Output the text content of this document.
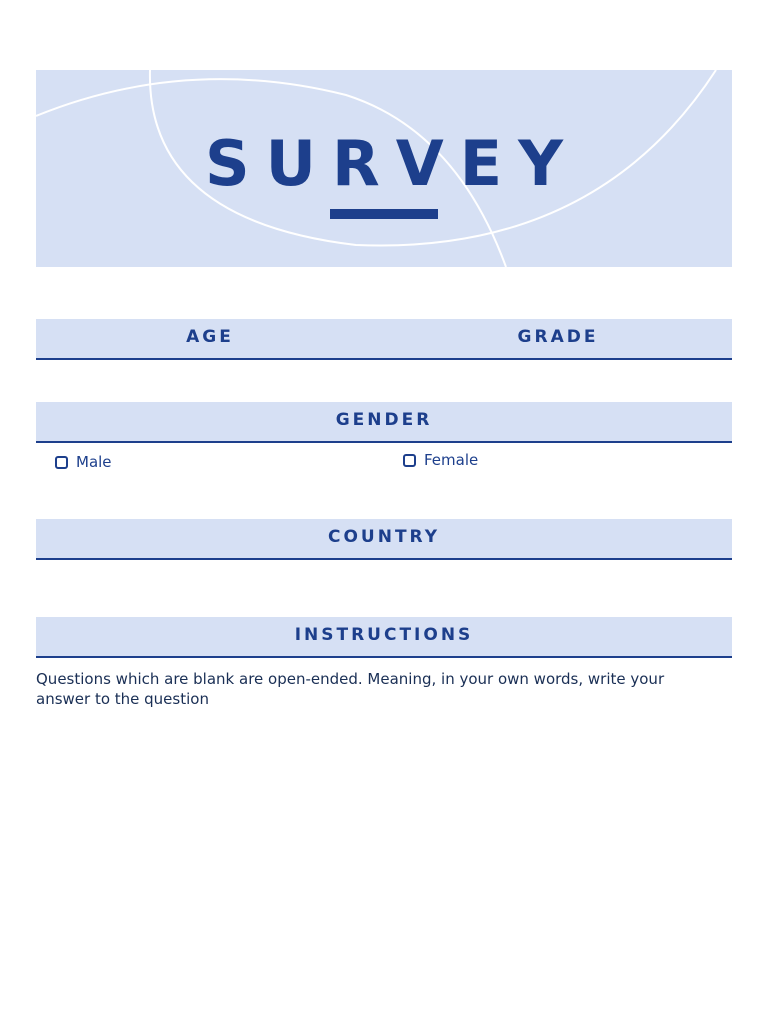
SURVEY
AGE	GRADE
GENDER
Male	Female
COUNTRY
INSTRUCTIONS
Questions which are blank are open-ended. Meaning, in your own words, write your answer to the question
